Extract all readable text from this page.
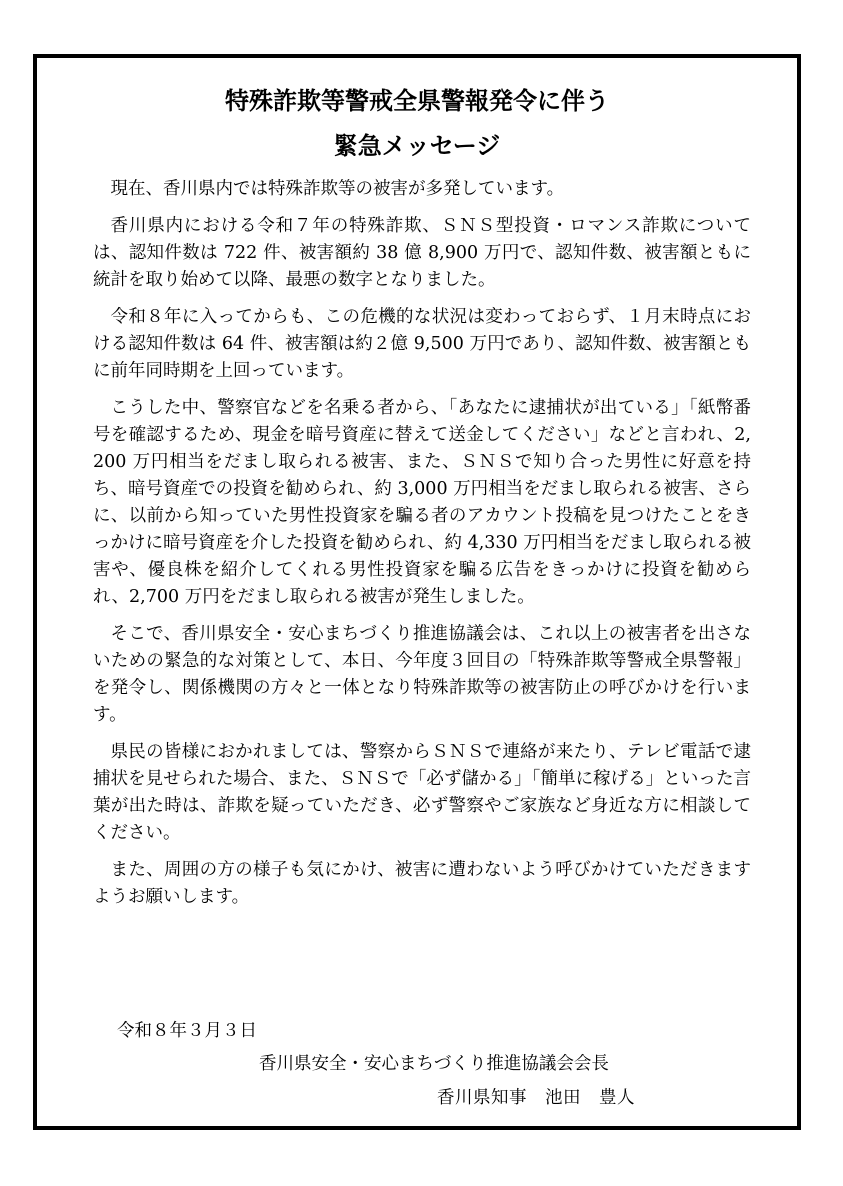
特殊詐欺等警戒全県警報発令に伴う
緊急メッセージ

現在、香川県内では特殊詐欺等の被害が多発しています。

香川県内における令和７年の特殊詐欺、ＳＮＳ型投資・ロマンス詐欺については、認知件数は 722 件、被害額約 38 億 8,900 万円で、認知件数、被害額ともに統計を取り始めて以降、最悪の数字となりました。

令和８年に入ってからも、この危機的な状況は変わっておらず、１月末時点における認知件数は 64 件、被害額は約２億 9,500 万円であり、認知件数、被害額ともに前年同時期を上回っています。

こうした中、警察官などを名乗る者から、「あなたに逮捕状が出ている」「紙幣番号を確認するため、現金を暗号資産に替えて送金してください」などと言われ、2,200 万円相当をだまし取られる被害、また、ＳＮＳで知り合った男性に好意を持ち、暗号資産での投資を勧められ、約 3,000 万円相当をだまし取られる被害、さらに、以前から知っていた男性投資家を騙る者のアカウント投稿を見つけたことをきっかけに暗号資産を介した投資を勧められ、約 4,330 万円相当をだまし取られる被害や、優良株を紹介してくれる男性投資家を騙る広告をきっかけに投資を勧められ、2,700 万円をだまし取られる被害が発生しました。

そこで、香川県安全・安心まちづくり推進協議会は、これ以上の被害者を出さないための緊急的な対策として、本日、今年度３回目の「特殊詐欺等警戒全県警報」を発令し、関係機関の方々と一体となり特殊詐欺等の被害防止の呼びかけを行います。

県民の皆様におかれましては、警察からＳＮＳで連絡が来たり、テレビ電話で逮捕状を見せられた場合、また、ＳＮＳで「必ず儲かる」「簡単に稼げる」といった言葉が出た時は、詐欺を疑っていただき、必ず警察やご家族など身近な方に相談してください。

また、周囲の方の様子も気にかけ、被害に遭わないよう呼びかけていただきますようお願いします。

令和８年３月３日
香川県安全・安心まちづくり推進協議会会長
香川県知事　池田　豊人
